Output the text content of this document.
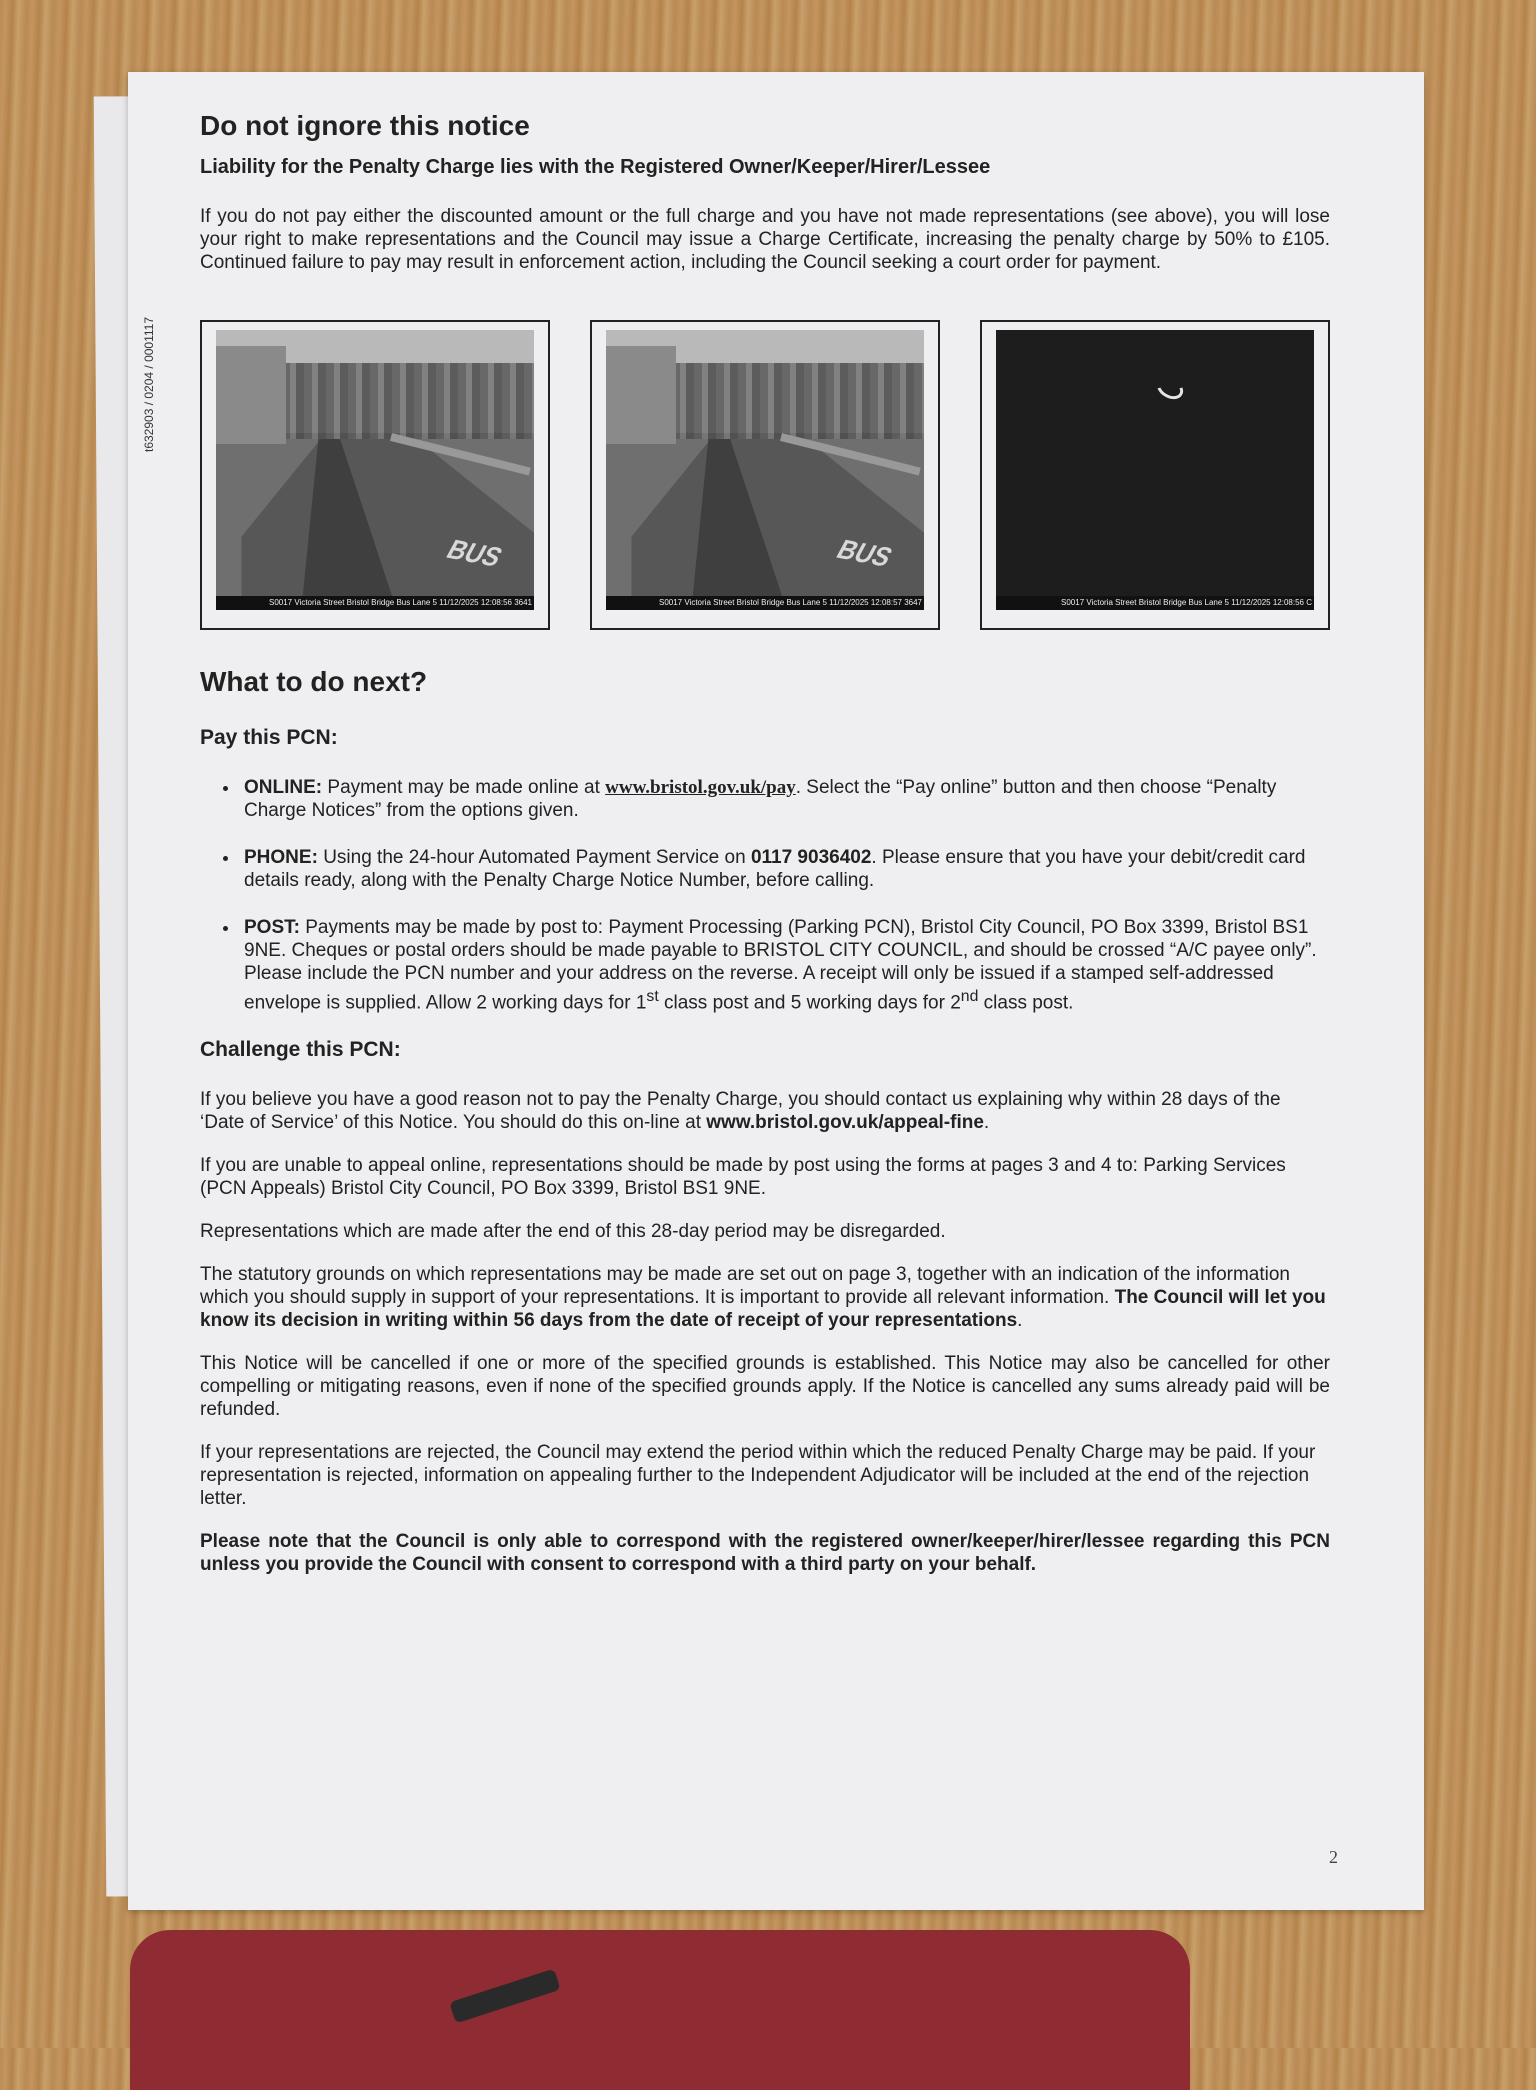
t632903 / 0204 / 0001117
Do not ignore this notice
Liability for the Penalty Charge lies with the Registered Owner/Keeper/Hirer/Lessee

If you do not pay either the discounted amount or the full charge and you have not made representations (see above), you will lose your right to make representations and the Council may issue a Charge Certificate, increasing the penalty charge by 50% to £105. Continued failure to pay may result in enforcement action, including the Council seeking a court order for payment.

BUS
S0017 Victoria Street Bristol Bridge Bus Lane 5 11/12/2025 12:08:56 3641
BUS
S0017 Victoria Street Bristol Bridge Bus Lane 5 11/12/2025 12:08:57 3647	S0017 Victoria Street Bristol Bridge Bus Lane 5 11/12/2025 12:08:56 C
What to do next?
Pay this PCN:
• ONLINE: Payment may be made online at www.bristol.gov.uk/pay. Select the “Pay online” button and then choose “Penalty Charge Notices” from the options given.
• PHONE: Using the 24-hour Automated Payment Service on 0117 9036402. Please ensure that you have your debit/credit card details ready, along with the Penalty Charge Notice Number, before calling.
• POST: Payments may be made by post to: Payment Processing (Parking PCN), Bristol City Council, PO Box 3399, Bristol BS1 9NE. Cheques or postal orders should be made payable to BRISTOL CITY COUNCIL, and should be crossed “A/C payee only”. Please include the PCN number and your address on the reverse. A receipt will only be issued if a stamped self-addressed envelope is supplied. Allow 2 working days for 1st class post and 5 working days for 2nd class post.
Challenge this PCN:

If you believe you have a good reason not to pay the Penalty Charge, you should contact us explaining why within 28 days of the ‘Date of Service’ of this Notice. You should do this on-line at www.bristol.gov.uk/appeal-fine.

If you are unable to appeal online, representations should be made by post using the forms at pages 3 and 4 to: Parking Services (PCN Appeals) Bristol City Council, PO Box 3399, Bristol BS1 9NE.

Representations which are made after the end of this 28-day period may be disregarded.

The statutory grounds on which representations may be made are set out on page 3, together with an indication of the information which you should supply in support of your representations. It is important to provide all relevant information. The Council will let you know its decision in writing within 56 days from the date of receipt of your representations.

This Notice will be cancelled if one or more of the specified grounds is established. This Notice may also be cancelled for other compelling or mitigating reasons, even if none of the specified grounds apply. If the Notice is cancelled any sums already paid will be refunded.

If your representations are rejected, the Council may extend the period within which the reduced Penalty Charge may be paid. If your representation is rejected, information on appealing further to the Independent Adjudicator will be included at the end of the rejection letter.

Please note that the Council is only able to correspond with the registered owner/keeper/hirer/lessee regarding this PCN unless you provide the Council with consent to correspond with a third party on your behalf.

2
